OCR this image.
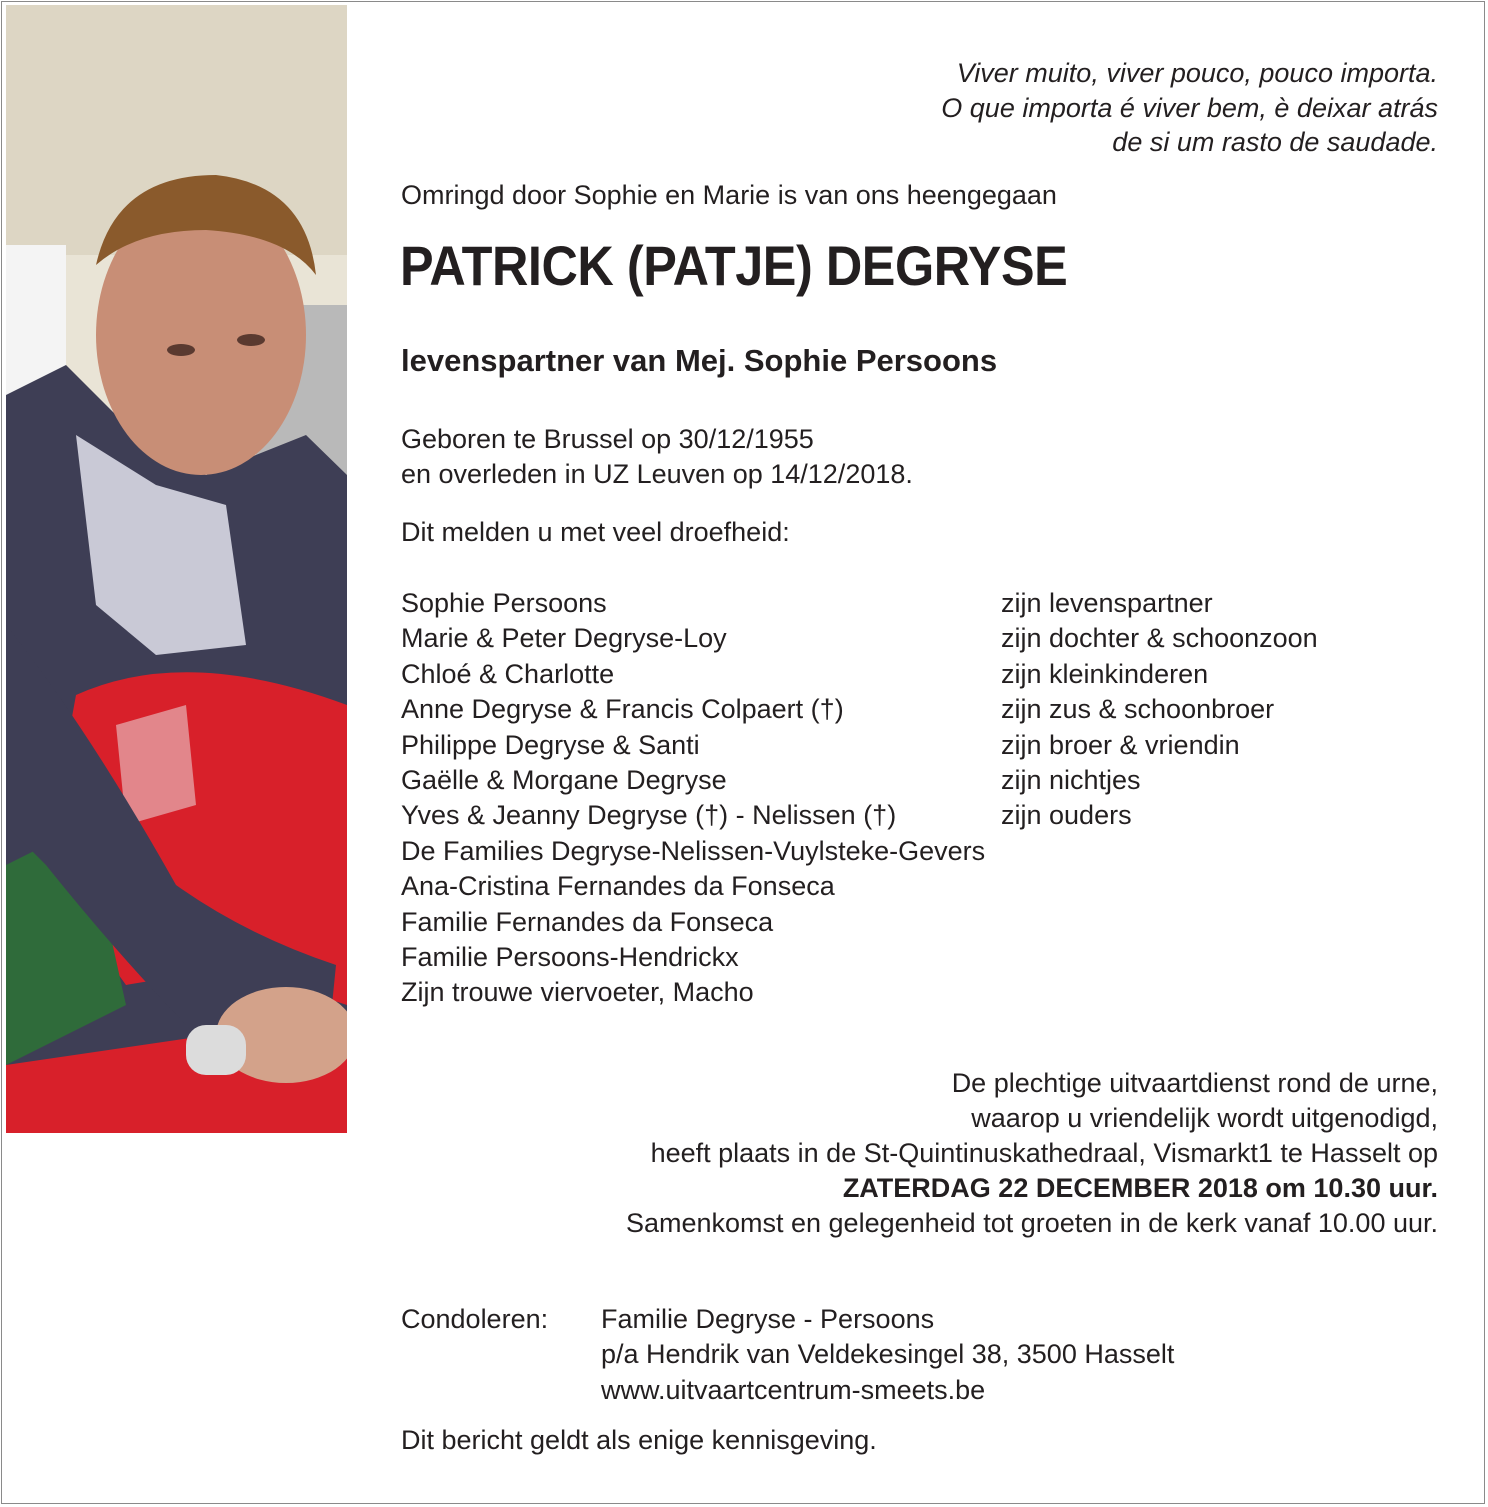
Viver muito, viver pouco, pouco importa.
O que importa é viver bem, è deixar atrás
de si um rasto de saudade.
Omringd door Sophie en Marie is van ons heengegaan
PATRICK (PATJE) DEGRYSE
levenspartner van Mej. Sophie Persoons
Geboren te Brussel op 30/12/1955
en overleden in UZ Leuven op 14/12/2018.
Dit melden u met veel droefheid:
Sophie Persoons	zijn levenspartner
Marie & Peter Degryse-Loy	zijn dochter & schoonzoon
Chloé & Charlotte	zijn kleinkinderen
Anne Degryse & Francis Colpaert (†)	zijn zus & schoonbroer
Philippe Degryse & Santi	zijn broer & vriendin
Gaëlle & Morgane Degryse	zijn nichtjes
Yves & Jeanny Degryse (†) - Nelissen (†)	zijn ouders
De Families Degryse-Nelissen-Vuylsteke-Gevers
Ana-Cristina Fernandes da Fonseca
Familie Fernandes da Fonseca
Familie Persoons-Hendrickx
Zijn trouwe viervoeter, Macho
De plechtige uitvaartdienst rond de urne,
waarop u vriendelijk wordt uitgenodigd,
heeft plaats in de St-Quintinuskathedraal, Vismarkt1 te Hasselt op
ZATERDAG 22 DECEMBER 2018 om 10.30 uur.
Samenkomst en gelegenheid tot groeten in de kerk vanaf 10.00 uur.
Condoleren:	Familie Degryse - Persoons
p/a Hendrik van Veldekesingel 38, 3500 Hasselt
www.uitvaartcentrum-smeets.be
Dit bericht geldt als enige kennisgeving.
